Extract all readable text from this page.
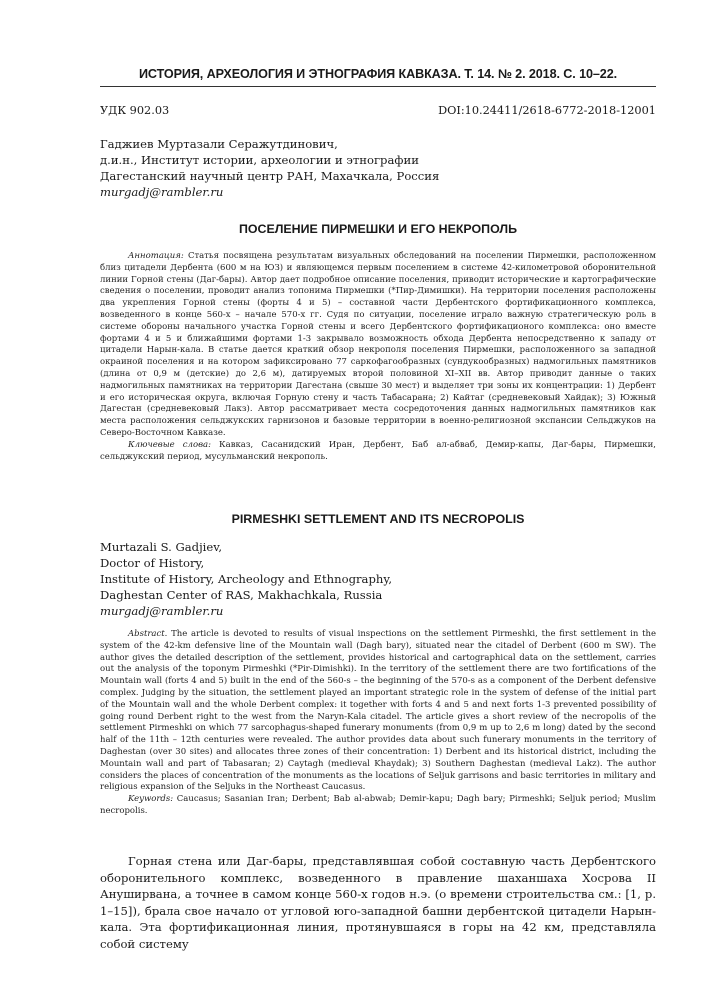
ИСТОРИЯ, АРХЕОЛОГИЯ И ЭТНОГРАФИЯ КАВКАЗА. Т. 14. № 2. 2018. С. 10–22.
УДК 902.03	DOI:10.24411/2618-6772-2018-12001
Гаджиев Муртазали Серажутдинович,
д.и.н., Институт истории, археологии и этнографии
Дагестанский научный центр РАН, Махачкала, Россия
murgadj@rambler.ru
ПОСЕЛЕНИЕ ПИРМЕШКИ И ЕГО НЕКРОПОЛЬ

Аннотация: Статья посвящена результатам визуальных обследований на поселении Пирмешки, расположенном близ цитадели Дербента (600 м на ЮЗ) и являющемся первым поселением в системе 42-километровой оборонительной линии Горной стены (Даг-бары). Автор дает подробное описание поселения, приводит исторические и картографические сведения о поселении, проводит анализ топонима Пирмешки (*Пир-Димишки). На территории поселения расположены два укрепления Горной стены (форты 4 и 5) – составной части Дербентского фортификационного комплекса, возведенного в конце 560-х – начале 570-х гг. Судя по ситуации, поселение играло важную стратегическую роль в системе обороны начального участка Горной стены и всего Дербентского фортификационого комплекса: оно вместе фортами 4 и 5 и ближайшими фортами 1-3 закрывало возможность обхода Дербента непосредственно к западу от цитадели Нарын-кала. В статье дается краткий обзор некрополя поселения Пирмешки, расположенного за западной окраиной поселения и на котором зафиксировано 77 саркофагообразных (сундукообразных) надмогильных памятников (длина от 0,9 м (детские) до 2,6 м), датируемых второй половиной XI–XII вв. Автор приводит данные о таких надмогильных памятниках на территории Дагестана (свыше 30 мест) и выделяет три зоны их концентрации: 1) Дербент и его историческая округа, включая Горную стену и часть Табасарана; 2) Кайтаг (средневековый Хайдак); 3) Южный Дагестан (средневековый Лакз). Автор рассматривает места сосредоточения данных надмогильных памятников как места расположения сельджукских гарнизонов и базовые территории в военно-религиозной экспансии Сельджуков на Северо-Восточном Кавказе.

Ключевые слова: Кавказ, Сасанидский Иран, Дербент, Баб ал-абваб, Демир-капы, Даг-бары, Пирмешки, сельджукский период, мусульманский некрополь.

PIRMESHKI SETTLEMENT AND ITS NECROPOLIS
Murtazali S. Gadjiev,
Doctor of History,
Institute of History, Archeology and Ethnography,
Daghestan Center of RAS, Makhachkala, Russia
murgadj@rambler.ru

Abstract. The article is devoted to results of visual inspections on the settlement Pirmeshki, the first settlement in the system of the 42-km defensive line of the Mountain wall (Dagh bary), situated near the citadel of Derbent (600 m SW). The author gives the detailed description of the settlement, provides historical and cartographical data on the settlement, carries out the analysis of the toponym Pirmeshki (*Pir-Dimishki). In the territory of the settlement there are two fortifications of the Mountain wall (forts 4 and 5) built in the end of the 560-s – the beginning of the 570-s as a component of the Derbent defensive complex. Judging by the situation, the settlement played an important strategic role in the system of defense of the initial part of the Mountain wall and the whole Derbent complex: it together with forts 4 and 5 and next forts 1-3 prevented possibility of going round Derbent right to the west from the Naryn-Kala citadel. The article gives a short review of the necropolis of the settlement Pirmeshki on which 77 sarcophagus-shaped funerary monuments (from 0,9 m up to 2,6 m long) dated by the second half of the 11th – 12th centuries were revealed. The author provides data about such funerary monuments in the territory of Daghestan (over 30 sites) and allocates three zones of their concentration: 1) Derbent and its historical district, including the Mountain wall and part of Tabasaran; 2) Caytagh (medieval Khaydak); 3) Southern Daghestan (medieval Lakz). The author considers the places of concentration of the monuments as the locations of Seljuk garrisons and basic territories in military and religious expansion of the Seljuks in the Northeast Caucasus.

Keywords: Caucasus; Sasanian Iran; Derbent; Bab al-abwab; Demir-kapu; Dagh bary; Pirmeshki; Seljuk period; Muslim necropolis.

Горная стена или Даг-бары, представлявшая собой составную часть Дербентского оборонительного комплекс, возведенного в правление шаханшаха Хосрова II Ануширвана, а точнее в самом конце 560-х годов н.э. (о времени строительства см.: [1, p. 1–15]), брала свое начало от угловой юго-западной башни дербентской цитадели Нарын-кала. Эта фортификационная линия, протянувшаяся в горы на 42 км, представляла собой систему
